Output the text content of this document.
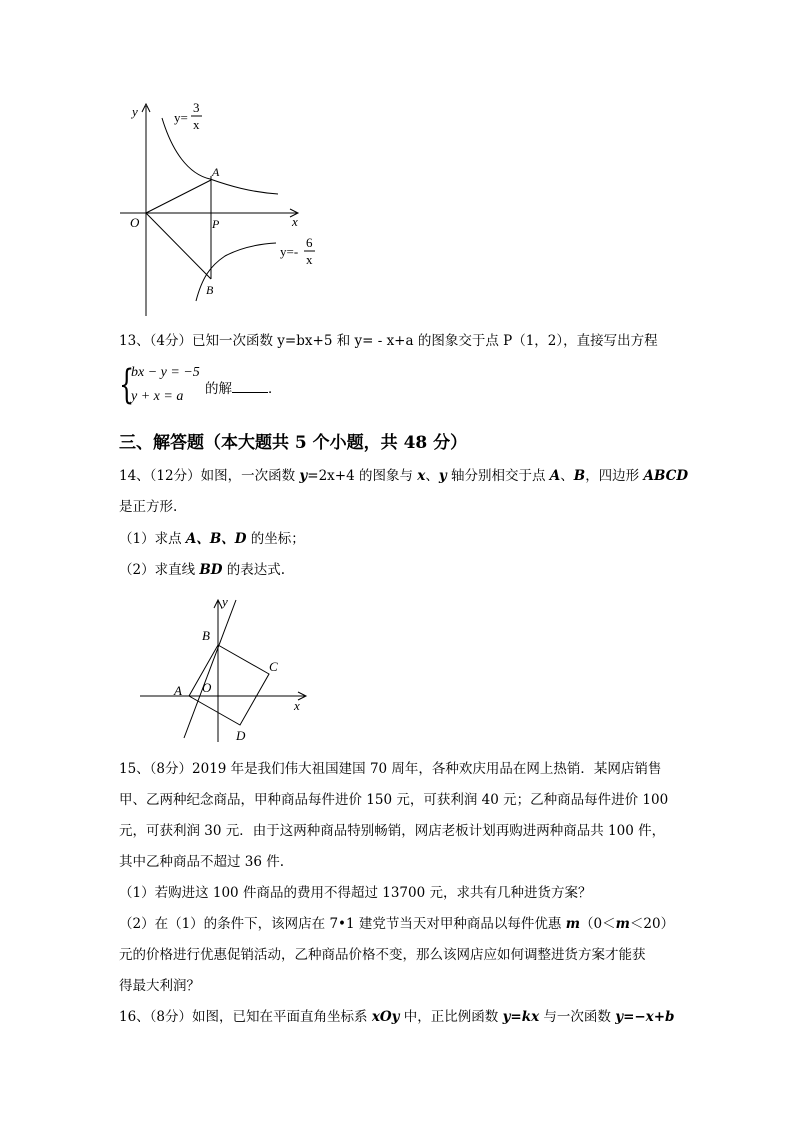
y
x
O
A
P
B
y=
3
x
y=-
6
x
13、（4分）已知一次函数 y=bx+5 和 y= - x+a 的图象交于点 P（1，2），直接写出方程
{
bx − y = −5
y + x = a 的解	．
三、解答题（本大题共 5 个小题，共 48 分）
14、（12分）如图，一次函数 y=2x+4 的图象与 x、y 轴分别相交于点 A、B，四边形 ABCD
是正方形.
（1）求点 A、B、D 的坐标；
（2）求直线 BD 的表达式.
y
x
O
A
B
C
D
15、（8分）2019 年是我们伟大祖国建国 70 周年，各种欢庆用品在网上热销．某网店销售
甲、乙两种纪念商品，甲种商品每件进价 150 元，可获利润 40 元；乙种商品每件进价 100
元，可获利润 30 元．由于这两种商品特别畅销，网店老板计划再购进两种商品共 100 件，
其中乙种商品不超过 36 件.
（1）若购进这 100 件商品的费用不得超过 13700 元，求共有几种进货方案？
（2）在（1）的条件下，该网店在 7•1 建党节当天对甲种商品以每件优惠 m（0＜m＜20）
元的价格进行优惠促销活动，乙种商品价格不变，那么该网店应如何调整进货方案才能获
得最大利润？
16、（8分）如图，已知在平面直角坐标系 xOy 中，正比例函数 y=kx 与一次函数 y=−x+b
